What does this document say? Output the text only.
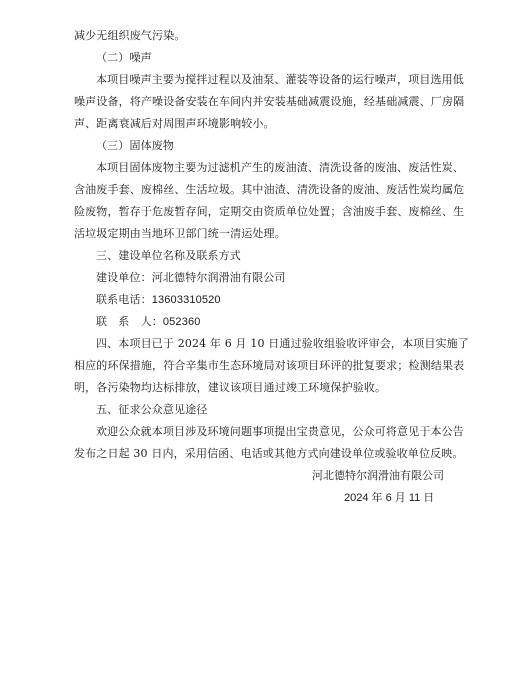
减少无组织废气污染。
（二）噪声
本项目噪声主要为搅拌过程以及油泵、灌装等设备的运行噪声，项目选用低
噪声设备，将产噪设备安装在车间内并安装基础减震设施，经基础减震、厂房隔
声、距离衰减后对周围声环境影响较小。
（三）固体废物
本项目固体废物主要为过滤机产生的废油渣、清洗设备的废油、废活性炭、
含油废手套、废棉丝、生活垃圾。其中油渣、清洗设备的废油、废活性炭均属危
险废物，暂存于危废暂存间，定期交由资质单位处置；含油废手套、废棉丝、生
活垃圾定期由当地环卫部门统一清运处理。
三、建设单位名称及联系方式
建设单位：河北德特尔润滑油有限公司
联系电话：13603310520
联　系　人：052360
四、本项目已于 2024 年 6 月 10 日通过验收组验收评审会，本项目实施了
相应的环保措施，符合辛集市生态环境局对该项目环评的批复要求；检测结果表
明，各污染物均达标排放，建议该项目通过竣工环境保护验收。
五、征求公众意见途径
欢迎公众就本项目涉及环境问题事项提出宝贵意见，公众可将意见于本公告
发布之日起 30 日内，采用信函、电话或其他方式向建设单位或验收单位反映。
河北德特尔润滑油有限公司
2024 年 6 月 11 日
